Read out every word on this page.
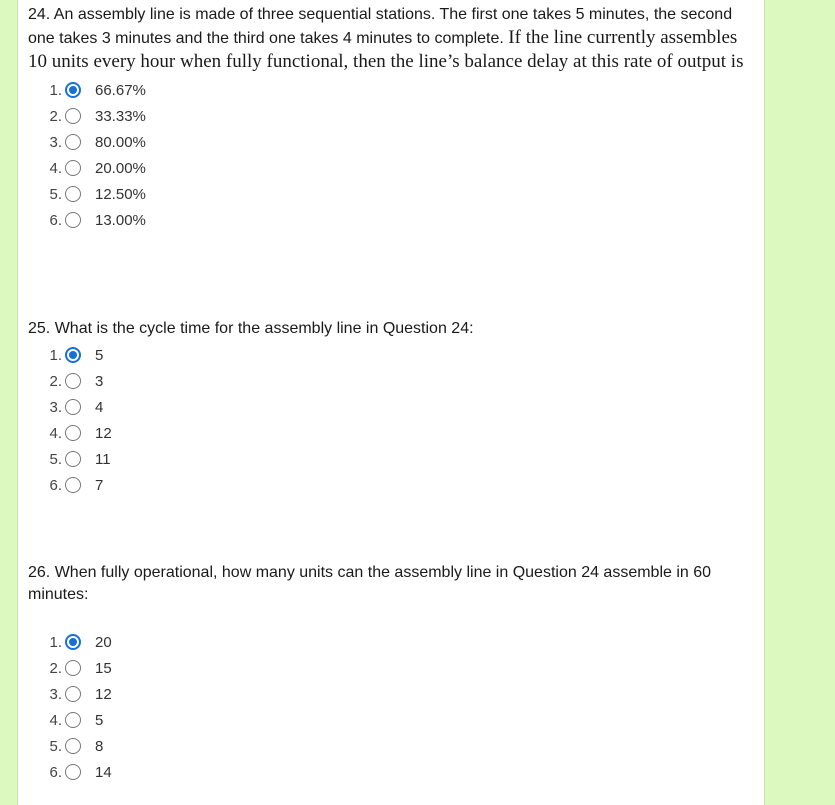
24. An assembly line is made of three sequential stations. The first one takes 5 minutes, the second one takes 3 minutes and the third one takes 4 minutes to complete. If the line currently assembles 10 units every hour when fully functional, then the line’s balance delay at this rate of output is

1. 66.67%
2. 33.33%
3. 80.00%
4. 20.00%
5. 12.50%
6. 13.00%

25. What is the cycle time for the assembly line in Question 24:

1. 5
2. 3
3. 4
4. 12
5. 11
6. 7

26. When fully operational, how many units can the assembly line in Question 24 assemble in 60 minutes:

1. 20
2. 15
3. 12
4. 5
5. 8
6. 14
